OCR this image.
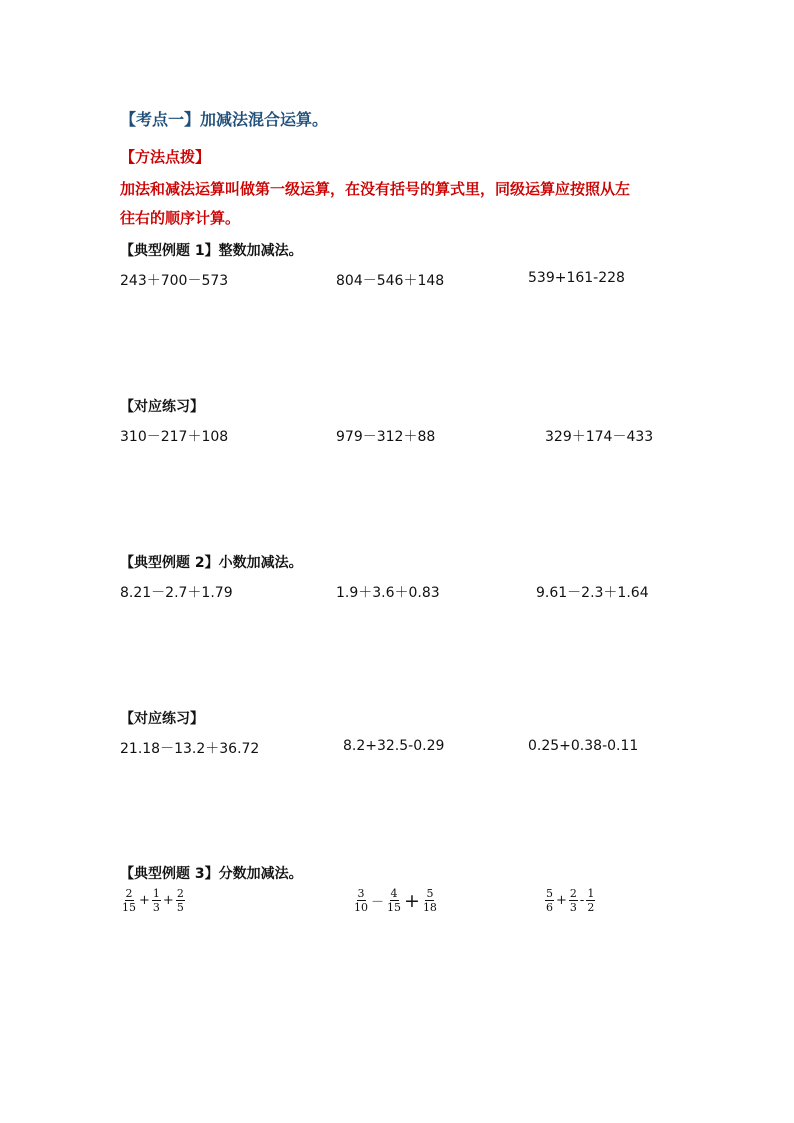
【考点一】加减法混合运算。
【方法点拨】
加法和减法运算叫做第一级运算，在没有括号的算式里，同级运算应按照从左
往右的顺序计算。
【典型例题 1】整数加减法。
243＋700－573	804－546＋148	539+161-228
【对应练习】
310－217＋108	979－312＋88	329＋174－433
【典型例题 2】小数加减法。
8.21－2.7＋1.79	1.9＋3.6＋0.83	9.61－2.3＋1.64
【对应练习】
21.18－13.2＋36.72	8.2+32.5-0.29	0.25+0.38-0.11
【典型例题 3】分数加减法。
$\frac{2}{15} + \frac{1}{3} + \frac{2}{5}$	$\frac{3}{10} - \frac{4}{15} + \frac{5}{18}$	$\frac{5}{6} + \frac{2}{3} - \frac{1}{2}$
